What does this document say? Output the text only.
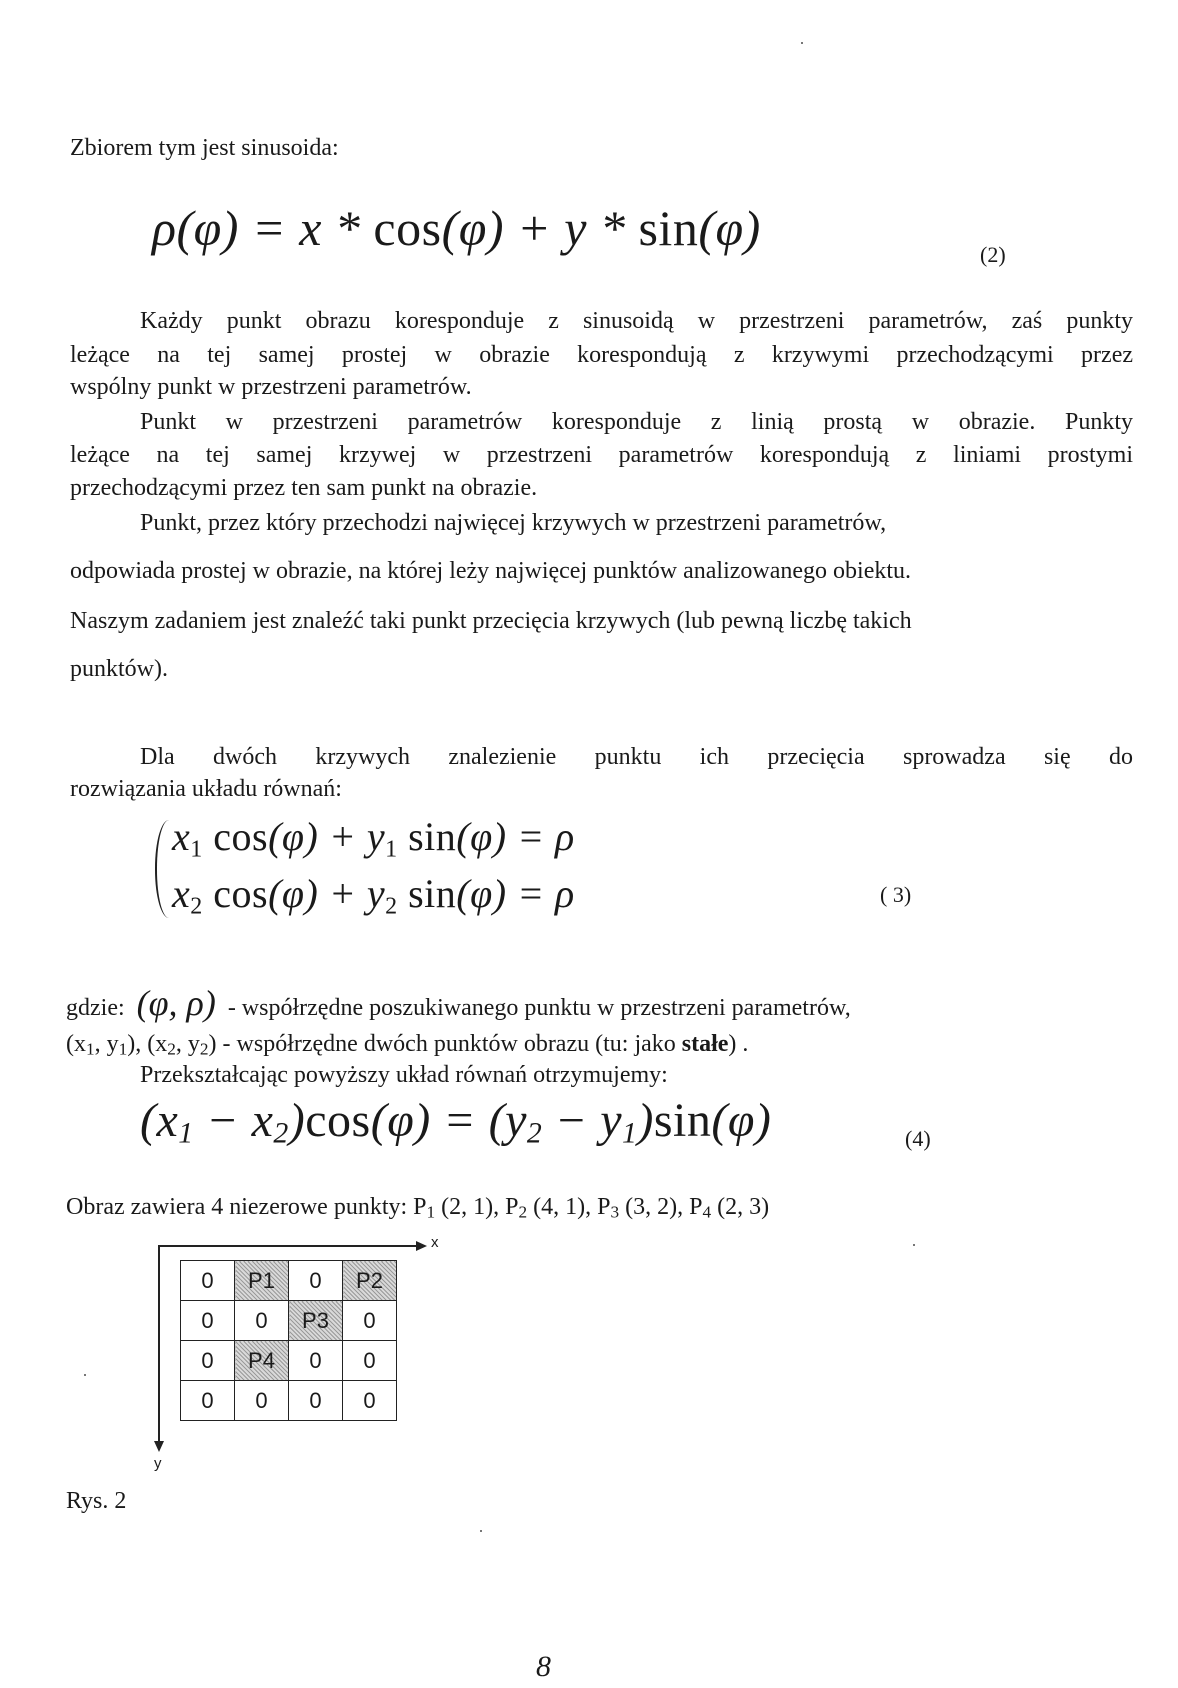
Zbiorem tym jest sinusoida:
ρ(φ) = x * cos(φ) + y * sin(φ)	(2)
Każdy punkt obrazu koresponduje z sinusoidą w przestrzeni parametrów, zaś punkty
leżące na tej samej prostej w obrazie korespondują z krzywymi przechodzącymi przez
wspólny punkt w przestrzeni parametrów.
Punkt w przestrzeni parametrów koresponduje z linią prostą w obrazie. Punkty
leżące na tej samej krzywej w przestrzeni parametrów korespondują z liniami prostymi
przechodzącymi przez ten sam punkt na obrazie.
Punkt, przez który przechodzi najwięcej krzywych w przestrzeni parametrów,
odpowiada prostej w obrazie, na której leży najwięcej punktów analizowanego obiektu.
Naszym zadaniem jest znaleźć taki punkt przecięcia krzywych (lub pewną liczbę takich
punktów).
Dla dwóch krzywych znalezienie punktu ich przecięcia sprowadza się do
rozwiązania układu równań:
$x_1$ $\cos(\varphi) + y_1$ sin(φ) = ρ
$x_2$ $\cos(\varphi) + y_2$ sin(φ) = ρ	( 3)
gdzie: (φ, ρ) - współrzędne poszukiwanego punktu w przestrzeni parametrów,
(x1, y1), (x2, y2) - współrzędne dwóch punktów obrazu (tu: jako stałe) .
Przekształcając powyższy układ równań otrzymujemy:
(x1 − x2)cos(φ) = (y2 − y1)sin(φ)	(4)
Obraz zawiera 4 niezerowe punkty: P1 (2, 1), P2 (4, 1), P3 (3, 2), P4 (2, 3)
x
y
0	P1	0	P2
0	0	P3	0
0	P4	0	0
0	0	0	0
Rys. 2
8
